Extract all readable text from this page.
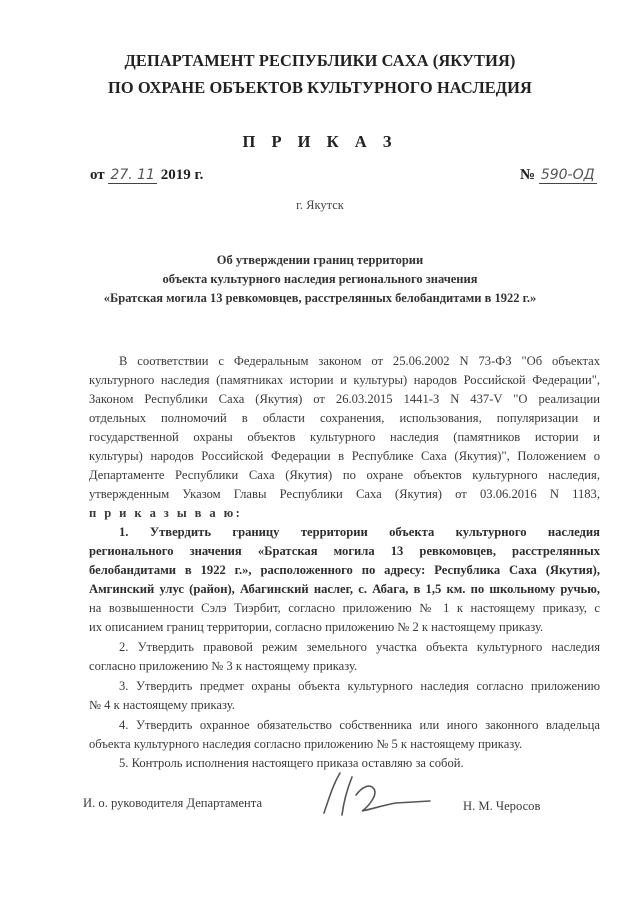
ДЕПАРТАМЕНТ РЕСПУБЛИКИ САХА (ЯКУТИЯ)
ПО ОХРАНЕ ОБЪЕКТОВ КУЛЬТУРНОГО НАСЛЕДИЯ
П Р И К А З
от 27. 11 2019 г.	№ 590-ОД
г. Якутск
Об утверждении границ территории
объекта культурного наследия регионального значения
«Братская могила 13 ревкомовцев, расстрелянных белобандитами в 1922 г.»
В соответствии с Федеральным законом от 25.06.2002 N 73-ФЗ "Об объектах
культурного наследия (памятниках истории и культуры) народов Российской Федерации",
Законом Республики Саха (Якутия) от 26.03.2015 1441-З N 437-V "О реализации
отдельных полномочий в области сохранения, использования, популяризации и
государственной охраны объектов культурного наследия (памятников истории и
культуры) народов Российской Федерации в Республике Саха (Якутия)", Положением о
Департаменте Республики Саха (Якутия) по охране объектов культурного наследия,
утвержденным Указом Главы Республики Саха (Якутия) от 03.06.2016 N 1183,
п р и к а з ы в а ю:
1. Утвердить границу территории объекта культурного наследия
регионального значения «Братская могила 13 ревкомовцев, расстрелянных
белобандитами в 1922 г.», расположенного по адресу: Республика Саха (Якутия),
Амгинский улус (район), Абагинский наслег, с. Абага, в 1,5 км. по школьному ручью,
на возвышенности Сэлэ Тиэрбит, согласно приложению № 1 к настоящему приказу, с
их описанием границ территории, согласно приложению № 2 к настоящему приказу.
2. Утвердить правовой режим земельного участка объекта культурного наследия
согласно приложению № 3 к настоящему приказу.
3. Утвердить предмет охраны объекта культурного наследия согласно приложению
№ 4 к настоящему приказу.
4. Утвердить охранное обязательство собственника или иного законного владельца
объекта культурного наследия согласно приложению № 5 к настоящему приказу.
5. Контроль исполнения настоящего приказа оставляю за собой.
И. о. руководителя Департамента	Н. М. Чеpосов
